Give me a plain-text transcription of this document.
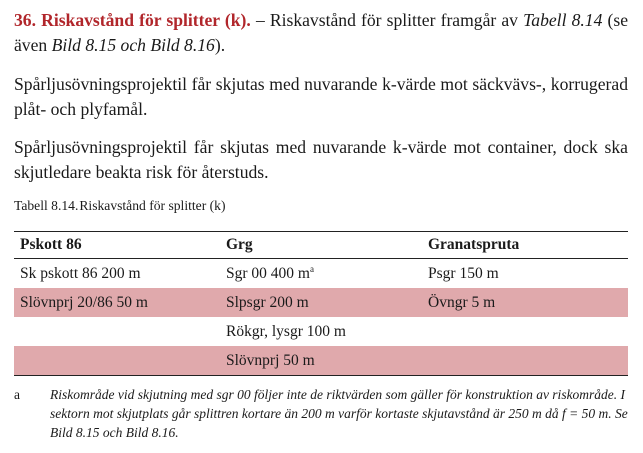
36. Riskavstånd för splitter (k). – Riskavstånd för splitter framgår av Tabell 8.14 (se även Bild 8.15 och Bild 8.16).

Spårljusövningsprojektil får skjutas med nuvarande k-värde mot säckvävs-, korrugerad plåt- och plyfamål.

Spårljusövningsprojektil får skjutas med nuvarande k-värde mot container, dock ska skjutledare beakta risk för återstuds.

Tabell 8.14.Riskavstånd för splitter (k)
Pskott 86	Grg	Granatspruta
Sk pskott 86 200 m	Sgr 00 400 $m^a$	Psgr 150 m
Slövnprj 20/86 50 m	Slpsgr 200 m	Övngr 5 m
	Rökgr, lysgr 100 m	
	Slövnprj 50 m	
a Riskområde vid skjutning med sgr 00 följer inte de riktvärden som gäller för konstruktion av riskområde. I sektorn mot skjutplats går splittren kortare än 200 m varför kortaste skjutavstånd är 250 m då f = 50 m. Se Bild 8.15 och Bild 8.16.
